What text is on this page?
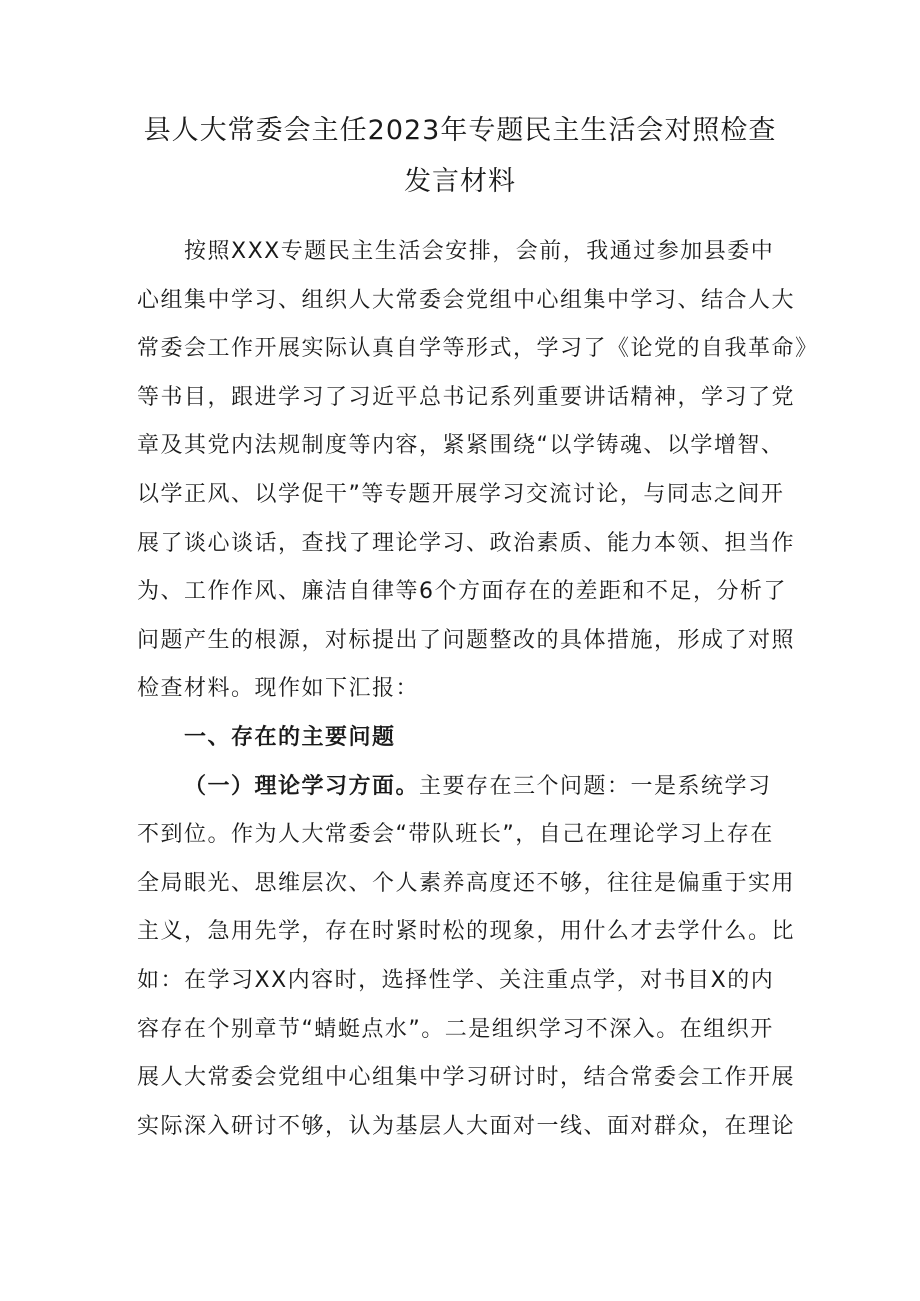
县人大常委会主任2023年专题民主生活会对照检查
发言材料
按照XXX专题民主生活会安排，会前，我通过参加县委中
心组集中学习、组织人大常委会党组中心组集中学习、结合人大
常委会工作开展实际认真自学等形式，学习了《论党的自我革命》
等书目，跟进学习了习近平总书记系列重要讲话精神，学习了党
章及其党内法规制度等内容，紧紧围绕“以学铸魂、以学增智、
以学正风、以学促干”等专题开展学习交流讨论，与同志之间开
展了谈心谈话，查找了理论学习、政治素质、能力本领、担当作
为、工作作风、廉洁自律等6个方面存在的差距和不足，分析了
问题产生的根源，对标提出了问题整改的具体措施，形成了对照
检查材料。现作如下汇报：
一、存在的主要问题
（一）理论学习方面。主要存在三个问题：一是系统学习
不到位。作为人大常委会“带队班长”，自己在理论学习上存在
全局眼光、思维层次、个人素养高度还不够，往往是偏重于实用
主义，急用先学，存在时紧时松的现象，用什么才去学什么。比
如：在学习XX内容时，选择性学、关注重点学，对书目X的内
容存在个别章节“蜻蜓点水”。二是组织学习不深入。在组织开
展人大常委会党组中心组集中学习研讨时，结合常委会工作开展
实际深入研讨不够，认为基层人大面对一线、面对群众，在理论
